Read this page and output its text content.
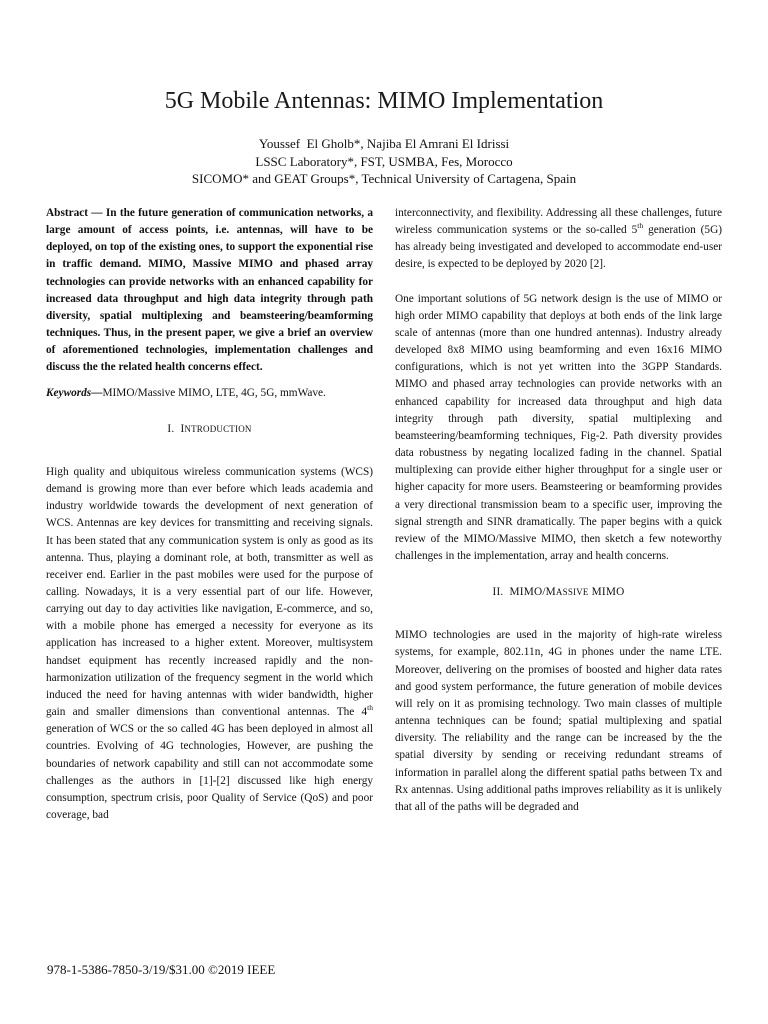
5G Mobile Antennas: MIMO Implementation
Youssef  El Gholb*, Najiba El Amrani El Idrissi
LSSC Laboratory*, FST, USMBA, Fes, Morocco
SICOMO* and GEAT Groups*, Technical University of Cartagena, Spain

Abstract — In the future generation of communication networks, a large amount of access points, i.e. antennas, will have to be deployed, on top of the existing ones, to support the exponential rise in traffic demand. MIMO, Massive MIMO and phased array technologies can provide networks with an enhanced capability for increased data throughput and high data integrity through path diversity, spatial multiplexing and beamsteering/beamforming techniques. Thus, in the present paper, we give a brief an overview of aforementioned technologies, implementation challenges and discuss the the related health concerns effect.

Keywords—MIMO/Massive MIMO, LTE, 4G, 5G, mmWave.

I. INTRODUCTION

High quality and ubiquitous wireless communication systems (WCS) demand is growing more than ever before which leads academia and industry worldwide towards the development of next generation of WCS. Antennas are key devices for transmitting and receiving signals. It has been stated that any communication system is only as good as its antenna. Thus, playing a dominant role, at both, transmitter as well as receiver end. Earlier in the past mobiles were used for the purpose of calling. Nowadays, it is a very essential part of our life. However, carrying out day to day activities like navigation, E-commerce, and so, with a mobile phone has emerged a necessity for everyone as its application has increased to a higher extent. Moreover, multisystem handset equipment has recently increased rapidly and the non-harmonization utilization of the frequency segment in the world which induced the need for having antennas with wider bandwidth, higher gain and smaller dimensions than conventional antennas. The 4th generation of WCS or the so called 4G has been deployed in almost all countries. Evolving of 4G technologies, However, are pushing the boundaries of network capability and still can not accommodate some challenges as the authors in [1]-[2] discussed like high energy consumption, spectrum crisis, poor Quality of Service (QoS) and poor coverage, bad

interconnectivity, and flexibility. Addressing all these challenges, future wireless communication systems or the so-called 5th generation (5G) has already being investigated and developed to accommodate end-user desire, is expected to be deployed by 2020 [2].

One important solutions of 5G network design is the use of MIMO or high order MIMO capability that deploys at both ends of the link large scale of antennas (more than one hundred antennas). Industry already developed 8x8 MIMO using beamforming and even 16x16 MIMO configurations, which is not yet written into the 3GPP Standards. MIMO and phased array technologies can provide networks with an enhanced capability for increased data throughput and high data integrity through path diversity, spatial multiplexing and beamsteering/beamforming techniques, Fig-2. Path diversity provides data robustness by negating localized fading in the channel. Spatial multiplexing can provide either higher throughput for a single user or higher capacity for more users. Beamsteering or beamforming provides a very directional transmission beam to a specific user, improving the signal strength and SINR dramatically. The paper begins with a quick review of the MIMO/Massive MIMO, then sketch a few noteworthy challenges in the implementation, array and health concerns.

II. MIMO/MASSIVE MIMO

MIMO technologies are used in the majority of high-rate wireless systems, for example, 802.11n, 4G in phones under the name LTE. Moreover, delivering on the promises of boosted and higher data rates and good system performance, the future generation of mobile devices will rely on it as promising technology. Two main classes of multiple antenna techniques can be found; spatial multiplexing and spatial diversity. The reliability and the range can be increased by the the spatial diversity by sending or receiving redundant streams of information in parallel along the different spatial paths between Tx and Rx antennas. Using additional paths improves reliability as it is unlikely that all of the paths will be degraded and

978-1-5386-7850-3/19/$31.00 ©2019 IEEE
